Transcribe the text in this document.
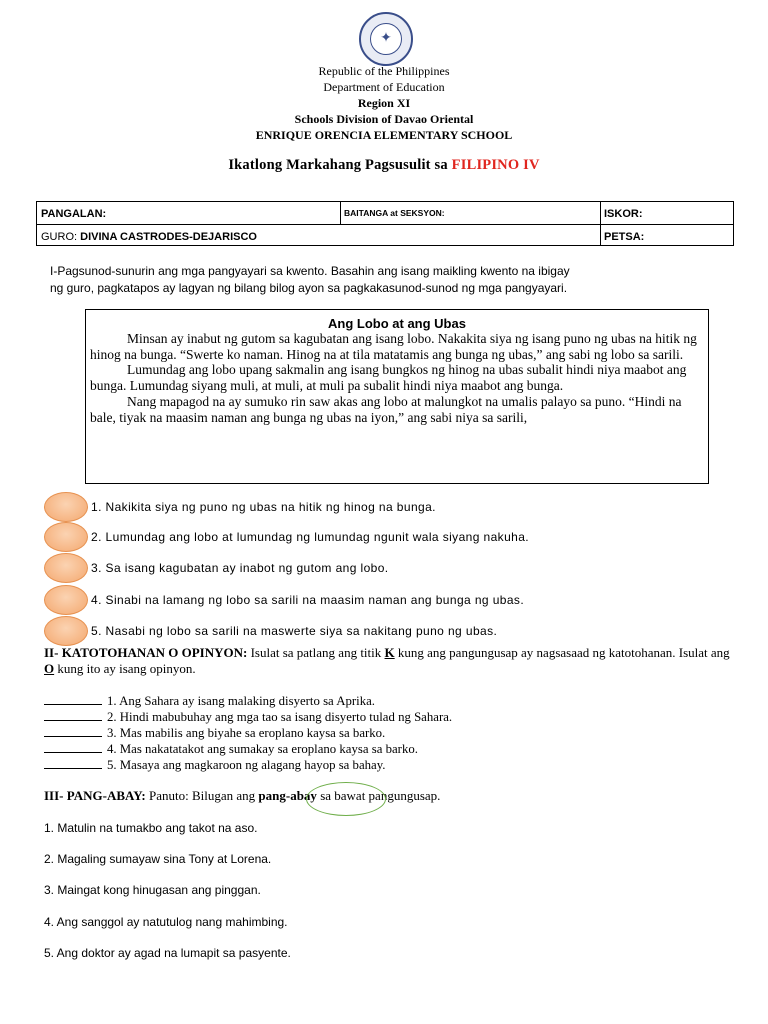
✦
Republic of the Philippines
Department of Education
Region XI
Schools Division of Davao Oriental
ENRIQUE ORENCIA ELEMENTARY SCHOOL
Ikatlong Markahang Pagsusulit sa FILIPINO IV
PANGALAN:	BAITANGA at SEKSYON:	ISKOR:
GURO: DIVINA CASTRODES-DEJARISCO	PETSA:
I-Pagsunod-sunurin ang mga pangyayari sa kwento. Basahin ang isang maikling kwento na ibigay
ng guro, pagkatapos ay lagyan ng bilang bilog ayon sa pagkakasunod-sunod ng mga pangyayari.
Ang Lobo at ang Ubas

Minsan ay inabut ng gutom sa kagubatan ang isang lobo. Nakakita siya ng isang puno ng ubas na hitik ng hinog na bunga. “Swerte ko naman. Hinog na at tila matatamis ang bunga ng ubas,” ang sabi ng lobo sa sarili.

Lumundag ang lobo upang sakmalin ang isang bungkos ng hinog na ubas subalit hindi niya maabot ang bunga. Lumundag siyang muli, at muli, at muli pa subalit hindi niya maabot ang bunga.

Nang mapagod na ay sumuko rin saw akas ang lobo at malungkot na umalis palayo sa puno. “Hindi na bale, tiyak na maasim naman ang bunga ng ubas na iyon,” ang sabi niya sa sarili,

1. Nakikita siya ng puno ng ubas na hitik ng hinog na bunga.
2. Lumundag ang lobo at lumundag ng lumundag ngunit wala siyang nakuha.
3. Sa isang kagubatan ay inabot ng gutom ang lobo.
4. Sinabi na lamang ng lobo sa sarili na maasim naman ang bunga ng ubas.
5. Nasabi ng lobo sa sarili na maswerte siya sa nakitang puno ng ubas.
II- KATOTOHANAN O OPINYON: Isulat sa patlang ang titik K kung ang pangungusap ay nagsasaad ng katotohanan. Isulat ang O kung ito ay isang opinyon.
1. Ang Sahara ay isang malaking disyerto sa Aprika.
2. Hindi mabubuhay ang mga tao sa isang disyerto tulad ng Sahara.
3. Mas mabilis ang biyahe sa eroplano kaysa sa barko.
4. Mas nakatatakot ang sumakay sa eroplano kaysa sa barko.
5. Masaya ang magkaroon ng alagang hayop sa bahay.
III- PANG-ABAY: Panuto: Bilugan ang pang-abay sa bawat pangungusap.
1. Matulin na tumakbo ang takot na aso.
2. Magaling sumayaw sina Tony at Lorena.
3. Maingat kong hinugasan ang pinggan.
4. Ang sanggol ay natutulog nang mahimbing.
5. Ang doktor ay agad na lumapit sa pasyente.
